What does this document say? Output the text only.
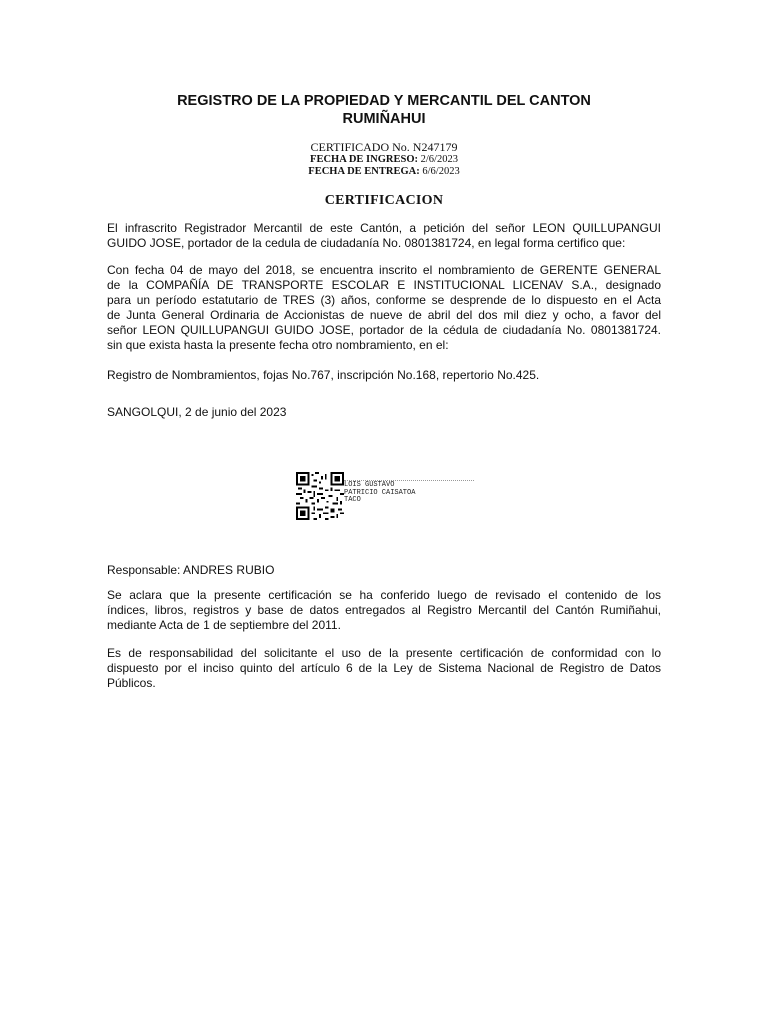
REGISTRO DE LA PROPIEDAD Y MERCANTIL DEL CANTON
RUMIÑAHUI
CERTIFICADO No. N247179
FECHA DE INGRESO: 2/6/2023
FECHA DE ENTREGA: 6/6/2023
CERTIFICACION
El infrascrito Registrador Mercantil de este Cantón, a petición del señor LEON QUILLUPANGUI
GUIDO JOSE, portador de la cedula de ciudadanía No. 0801381724, en legal forma certifico que:
Con fecha 04 de mayo del 2018, se encuentra inscrito el nombramiento de GERENTE GENERAL
de la COMPAÑÍA DE TRANSPORTE ESCOLAR E INSTITUCIONAL LICENAV S.A., designado
para un período estatutario de TRES (3) años, conforme se desprende de lo dispuesto en el Acta
de Junta General Ordinaria de Accionistas de nueve de abril del dos mil diez y ocho, a favor del
señor LEON QUILLUPANGUI GUIDO JOSE, portador de la cédula de ciudadanía No. 0801381724.
sin que exista hasta la presente fecha otro nombramiento, en el:
Registro de Nombramientos, fojas No.767, inscripción No.168, repertorio No.425.
SANGOLQUI, 2 de junio del 2023
LOIS GUSTAVO
PATRICIO CAISATOA
TACO
Responsable: ANDRES RUBIO
Se aclara que la presente certificación se ha conferido luego de revisado el contenido de los
índices, libros, registros y base de datos entregados al Registro Mercantil del Cantón Rumiñahui,
mediante Acta de 1 de septiembre del 2011.
Es de responsabilidad del solicitante el uso de la presente certificación de conformidad con lo
dispuesto por el inciso quinto del artículo 6 de la Ley de Sistema Nacional de Registro de Datos
Públicos.
